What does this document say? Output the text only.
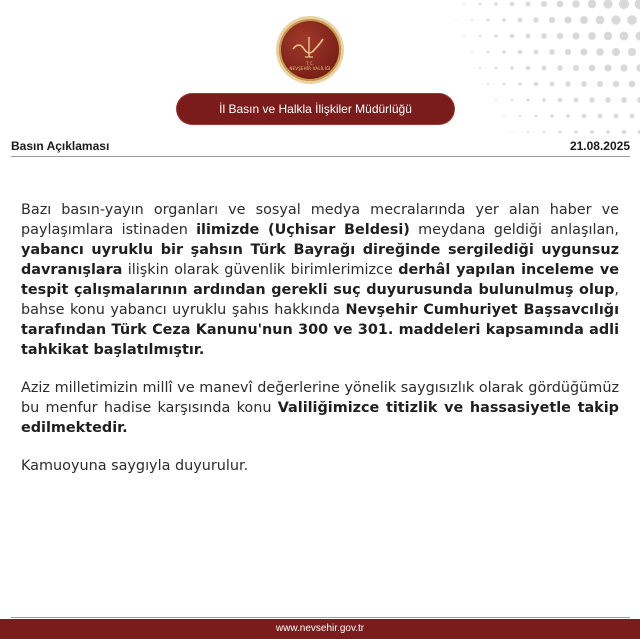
T.C.
NEVŞEHİR VALİLİĞİ
İl Basın ve Halkla İlişkiler Müdürlüğü
Basın Açıklaması	21.08.2025

Bazı basın-yayın organları ve sosyal medya mecralarında yer alan haber ve paylaşımlara istinaden ilimizde (Uçhisar Beldesi) meydana geldiği anlaşılan, yabancı uyruklu bir şahsın Türk Bayrağı direğinde sergilediği uygunsuz davranışlara ilişkin olarak güvenlik birimlerimizce derhâl yapılan inceleme ve tespit çalışmalarının ardından gerekli suç duyurusunda bulunulmuş olup, bahse konu yabancı uyruklu şahıs hakkında Nevşehir Cumhuriyet Başsavcılığı tarafından Türk Ceza Kanunu'nun 300 ve 301. maddeleri kapsamında adli tahkikat başlatılmıştır.

Aziz milletimizin millî ve manevî değerlerine yönelik saygısızlık olarak gördüğümüz bu menfur hadise karşısında konu Valiliğimizce titizlik ve hassasiyetle takip edilmektedir.

Kamuoyuna saygıyla duyurulur.

www.nevsehir.gov.tr
